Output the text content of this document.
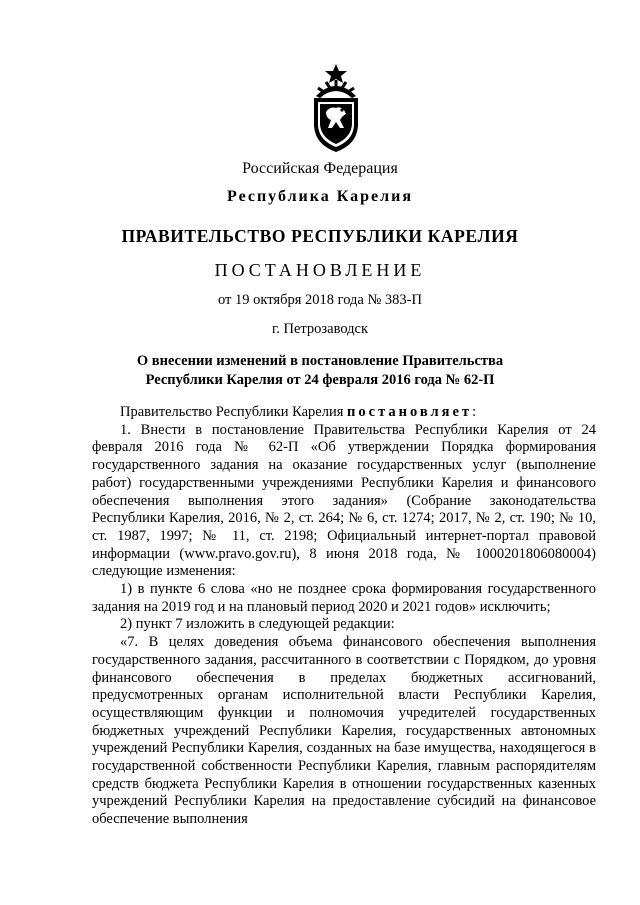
Российская Федерация
Республика Карелия
ПРАВИТЕЛЬСТВО РЕСПУБЛИКИ КАРЕЛИЯ
ПОСТАНОВЛЕНИЕ
от 19 октября 2018 года № 383-П
г. Петрозаводск
О внесении изменений в постановление Правительства
Республики Карелия от 24 февраля 2016 года № 62-П

Правительство Республики Карелия постановляет:

1. Внести в постановление Правительства Республики Карелия от 24 февраля 2016 года № 62-П «Об утверждении Порядка формирования государственного задания на оказание государственных услуг (выполнение работ) государственными учреждениями Республики Карелия и финансового обеспечения выполнения этого задания» (Собрание законодательства Республики Карелия, 2016, № 2, ст. 264; № 6, ст. 1274; 2017, № 2, ст. 190; № 10, ст. 1987, 1997; № 11, ст. 2198; Официальный интернет-портал правовой информации (www.pravo.gov.ru), 8 июня 2018 года, № 1000201806080004) следующие изменения:

1) в пункте 6 слова «но не позднее срока формирования государственного задания на 2019 год и на плановый период 2020 и 2021 годов» исключить;

2) пункт 7 изложить в следующей редакции:

«7. В целях доведения объема финансового обеспечения выполнения государственного задания, рассчитанного в соответствии с Порядком, до уровня финансового обеспечения в пределах бюджетных ассигнований, предусмотренных органам исполнительной власти Республики Карелия, осуществляющим функции и полномочия учредителей государственных бюджетных учреждений Республики Карелия, государственных автономных учреждений Республики Карелия, созданных на базе имущества, находящегося в государственной собственности Республики Карелия, главным распорядителям средств бюджета Республики Карелия в отношении государственных казенных учреждений Республики Карелия на предоставление субсидий на финансовое обеспечение выполнения
